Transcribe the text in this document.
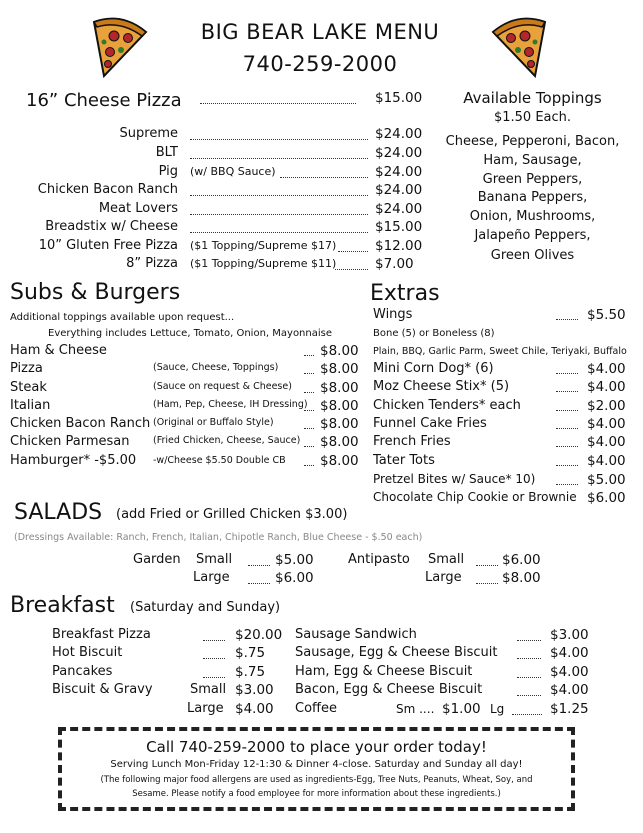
BIG BEAR LAKE MENU
740-259-2000
16” Cheese Pizza	$15.00
Supreme	$24.00
BLT	$24.00
Pig (w/ BBQ Sauce)	$24.00
Chicken Bacon Ranch	$24.00
Meat Lovers	$24.00
Breadstix w/ Cheese	$15.00
10” Gluten Free Pizza ($1 Topping/Supreme $17)	$12.00
8” Pizza ($1 Topping/Supreme $11)	$7.00
Available Toppings
$1.50 Each.
Cheese, Pepperoni, Bacon,
Ham, Sausage,
Green Peppers,
Banana Peppers,
Onion, Mushrooms,
Jalapeño Peppers,
Green Olives
Subs & Burgers
Additional toppings available upon request...
Everything includes Lettuce, Tomato, Onion, Mayonnaise
Ham & Cheese	$8.00
Pizza	(Sauce, Cheese, Toppings)	$8.00
Steak	(Sauce on request & Cheese) $8.00
Italian	(Ham, Pep, Cheese, IH Dressing) $8.00
Chicken Bacon Ranch (Original or Buffalo Style)	$8.00
Chicken Parmesan (Fried Chicken, Cheese, Sauce) $8.00
Hamburger* -$5.00 -w/Cheese $5.50 Double CB	$8.00
Extras
Wings	$5.50
Bone (5) or Boneless (8)
Plain, BBQ, Garlic Parm, Sweet Chile, Teriyaki, Buffalo
Mini Corn Dog* (6)	$4.00
Moz Cheese Stix* (5)	$4.00
Chicken Tenders* each	$2.00
Funnel Cake Fries	$4.00
French Fries	$4.00
Tater Tots	$4.00
Pretzel Bites w/ Sauce* 10)	$5.00
Chocolate Chip Cookie or Brownie $6.00
SALADS (add Fried or Grilled Chicken $3.00)
(Dressings Available: Ranch, French, Italian, Chipotle Ranch, Blue Cheese - $.50 each)
Garden Small	$5.00
Large	$6.00
Antipasto Small	$6.00
Large	$8.00
Breakfast (Saturday and Sunday)
Breakfast Pizza	$20.00
Hot Biscuit	$.75
Pancakes	$.75
Biscuit & Gravy	Small $3.00
Large $4.00
Sausage Sandwich	$3.00
Sausage, Egg & Cheese Biscuit	$4.00
Ham, Egg & Cheese Biscuit	$4.00
Bacon, Egg & Cheese Biscuit	$4.00
Coffee	Sm .... $1.00 Lg	$1.25
Call 740-259-2000 to place your order today!
Serving Lunch Mon-Friday 12-1:30 & Dinner 4-close. Saturday and Sunday all day!
(The following major food allergens are used as ingredients-Egg, Tree Nuts, Peanuts, Wheat, Soy, and
Sesame. Please notify a food employee for more information about these ingredients.)
